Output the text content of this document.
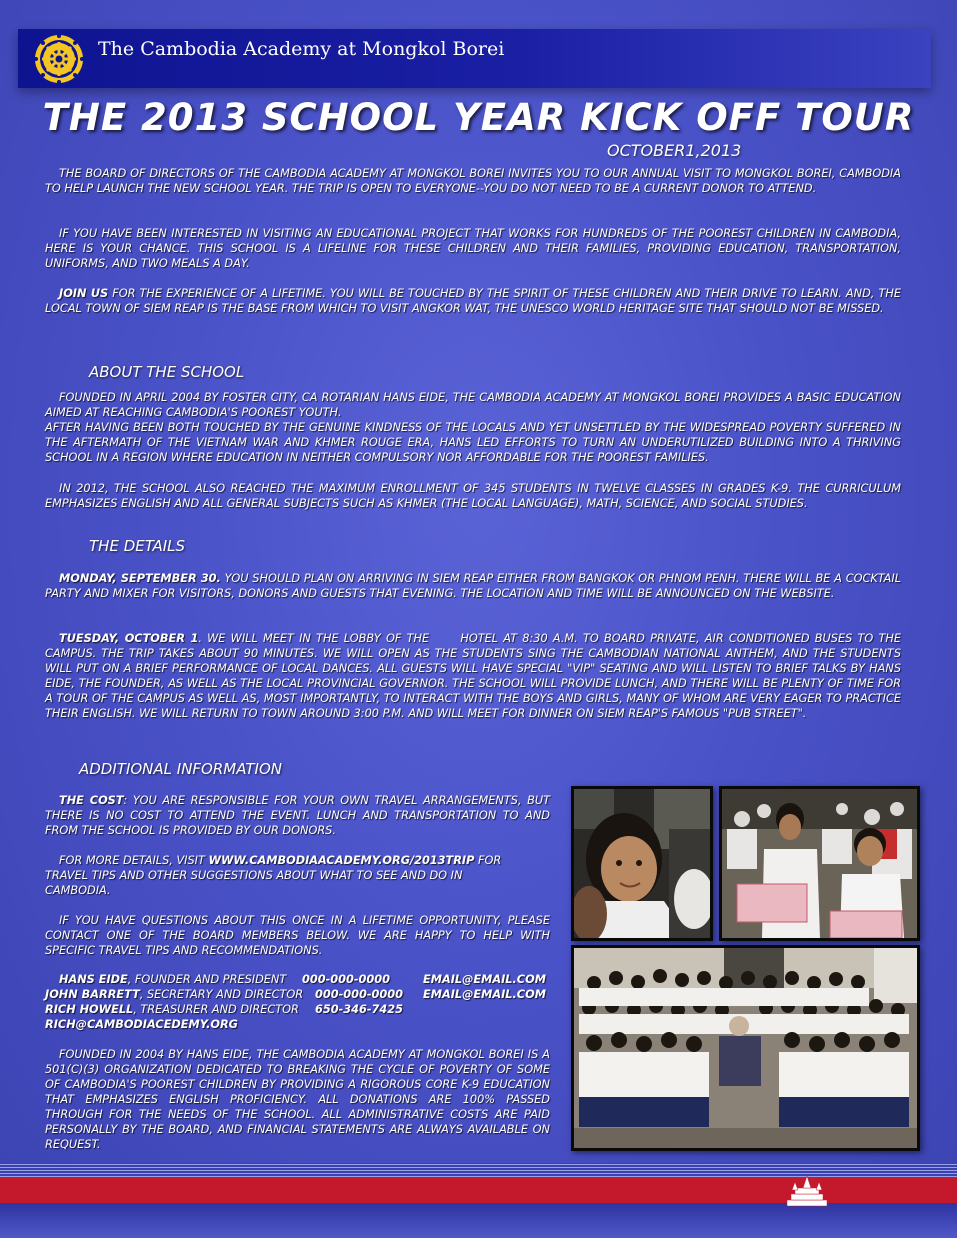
The Cambodia Academy at Mongkol Borei
THE 2013 SCHOOL YEAR KICK OFF TOUR
OCTOBER1,2013
THE BOARD OF DIRECTORS OF THE CAMBODIA ACADEMY AT MONGKOL BOREI INVITES YOU TO OUR ANNUAL VISIT TO MONGKOL BOREI, CAMBODIA TO HELP LAUNCH THE NEW SCHOOL YEAR. THE TRIP IS OPEN TO EVERYONE--YOU DO NOT NEED TO BE A CURRENT DONOR TO ATTEND.
IF YOU HAVE BEEN INTERESTED IN VISITING AN EDUCATIONAL PROJECT THAT WORKS FOR HUNDREDS OF THE POOREST CHILDREN IN CAMBODIA, HERE IS YOUR CHANCE. THIS SCHOOL IS A LIFELINE FOR THESE CHILDREN AND THEIR FAMILIES, PROVIDING EDUCATION, TRANSPORTATION, UNIFORMS, AND TWO MEALS A DAY.
JOIN US FOR THE EXPERIENCE OF A LIFETIME. YOU WILL BE TOUCHED BY THE SPIRIT OF THESE CHILDREN AND THEIR DRIVE TO LEARN. AND, THE LOCAL TOWN OF SIEM REAP IS THE BASE FROM WHICH TO VISIT ANGKOR WAT, THE UNESCO WORLD HERITAGE SITE THAT SHOULD NOT BE MISSED.
ABOUT THE SCHOOL
FOUNDED IN APRIL 2004 BY FOSTER CITY, CA ROTARIAN HANS EIDE, THE CAMBODIA ACADEMY AT MONGKOL BOREI PROVIDES A BASIC EDUCATION AIMED AT REACHING CAMBODIA'S POOREST YOUTH.
AFTER HAVING BEEN BOTH TOUCHED BY THE GENUINE KINDNESS OF THE LOCALS AND YET UNSETTLED BY THE WIDESPREAD POVERTY SUFFERED IN THE AFTERMATH OF THE VIETNAM WAR AND KHMER ROUGE ERA, HANS LED EFFORTS TO TURN AN UNDERUTILIZED BUILDING INTO A THRIVING SCHOOL IN A REGION WHERE EDUCATION IN NEITHER COMPULSORY NOR AFFORDABLE FOR THE POOREST FAMILIES.
IN 2012, THE SCHOOL ALSO REACHED THE MAXIMUM ENROLLMENT OF 345 STUDENTS IN TWELVE CLASSES IN GRADES K-9. THE CURRICULUM EMPHASIZES ENGLISH AND ALL GENERAL SUBJECTS SUCH AS KHMER (THE LOCAL LANGUAGE), MATH, SCIENCE, AND SOCIAL STUDIES.
THE DETAILS
MONDAY, SEPTEMBER 30. YOU SHOULD PLAN ON ARRIVING IN SIEM REAP EITHER FROM BANGKOK OR PHNOM PENH. THERE WILL BE A COCKTAIL PARTY AND MIXER FOR VISITORS, DONORS AND GUESTS THAT EVENING. THE LOCATION AND TIME WILL BE ANNOUNCED ON THE WEBSITE.
TUESDAY, OCTOBER 1. WE WILL MEET IN THE LOBBY OF THE      HOTEL AT 8:30 A.M. TO BOARD PRIVATE, AIR CONDITIONED BUSES TO THE CAMPUS. THE TRIP TAKES ABOUT 90 MINUTES. WE WILL OPEN AS THE STUDENTS SING THE CAMBODIAN NATIONAL ANTHEM, AND THE STUDENTS WILL PUT ON A BRIEF PERFORMANCE OF LOCAL DANCES. ALL GUESTS WILL HAVE SPECIAL "VIP" SEATING AND WILL LISTEN TO BRIEF TALKS BY HANS EIDE, THE FOUNDER, AS WELL AS THE LOCAL PROVINCIAL GOVERNOR. THE SCHOOL WILL PROVIDE LUNCH, AND THERE WILL BE PLENTY OF TIME FOR A TOUR OF THE CAMPUS AS WELL AS, MOST IMPORTANTLY, TO INTERACT WITH THE BOYS AND GIRLS, MANY OF WHOM ARE VERY EAGER TO PRACTICE THEIR ENGLISH. WE WILL RETURN TO TOWN AROUND 3:00 P.M. AND WILL MEET FOR DINNER ON SIEM REAP'S FAMOUS "PUB STREET".
ADDITIONAL INFORMATION
THE COST: YOU ARE RESPONSIBLE FOR YOUR OWN TRAVEL ARRANGEMENTS, BUT THERE IS NO COST TO ATTEND THE EVENT. LUNCH AND TRANSPORTATION TO AND FROM THE SCHOOL IS PROVIDED BY OUR DONORS.
FOR MORE DETAILS, VISIT WWW.CAMBODIAACADEMY.ORG/2013TRIP FOR TRAVEL TIPS AND OTHER SUGGESTIONS ABOUT WHAT TO SEE AND DO IN CAMBODIA.
IF YOU HAVE QUESTIONS ABOUT THIS ONCE IN A LIFETIME OPPORTUNITY, PLEASE CONTACT ONE OF THE BOARD MEMBERS BELOW. WE ARE HAPPY TO HELP WITH SPECIFIC TRAVEL TIPS AND RECOMMENDATIONS.
HANS EIDE, FOUNDER AND PRESIDENT 000-000-0000	EMAIL@EMAIL.COM
JOHN BARRETT, SECRETARY AND DIRECTOR 000-000-0000 EMAIL@EMAIL.COM
RICH HOWELL, TREASURER AND DIRECTOR 650-346-7425
RICH@CAMBODIACEDEMY.ORG
FOUNDED IN 2004 BY HANS EIDE, THE CAMBODIA ACADEMY AT MONGKOL BOREI IS A 501(C)(3) ORGANIZATION DEDICATED TO BREAKING THE CYCLE OF POVERTY OF SOME OF CAMBODIA'S POOREST CHILDREN BY PROVIDING A RIGOROUS CORE K-9 EDUCATION THAT EMPHASIZES ENGLISH PROFICIENCY. ALL DONATIONS ARE 100% PASSED THROUGH FOR THE NEEDS OF THE SCHOOL. ALL ADMINISTRATIVE COSTS ARE PAID PERSONALLY BY THE BOARD, AND FINANCIAL STATEMENTS ARE ALWAYS AVAILABLE ON REQUEST.
